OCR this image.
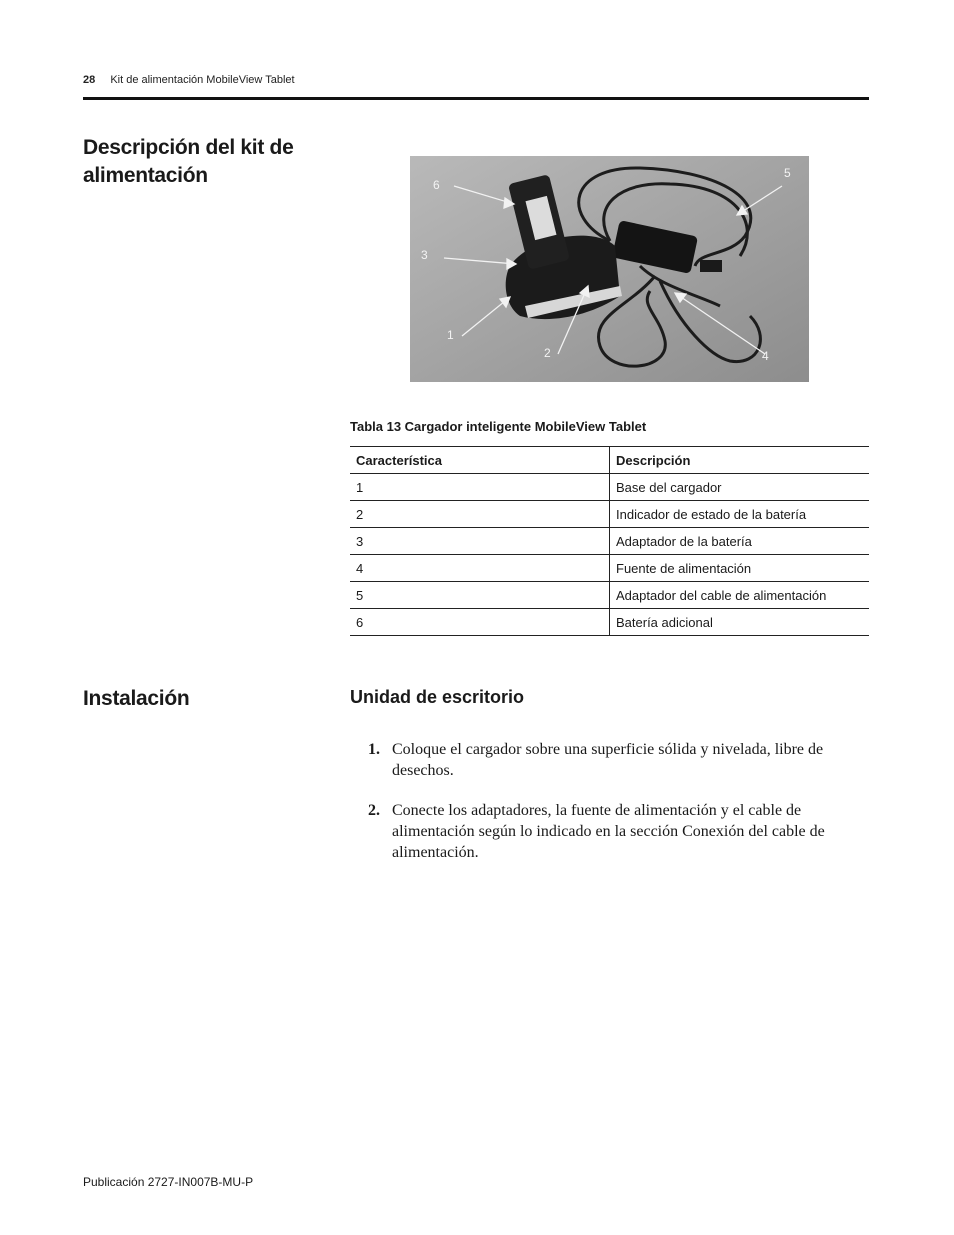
28 Kit de alimentación MobileView Tablet
Descripción del kit de
alimentación
1
2
3
4
5
6
Tabla 13 Cargador inteligente MobileView Tablet
Característica	Descripción
1	Base del cargador
2	Indicador de estado de la batería
3	Adaptador de la batería
4	Fuente de alimentación
5	Adaptador del cable de alimentación
6	Batería adicional
Instalación	Unidad de escritorio
1. Coloque el cargador sobre una superficie sólida y nivelada, libre de desechos.
2. Conecte los adaptadores, la fuente de alimentación y el cable de alimentación según lo indicado en la sección Conexión del cable de alimentación.
Publicación 2727-IN007B-MU-P
